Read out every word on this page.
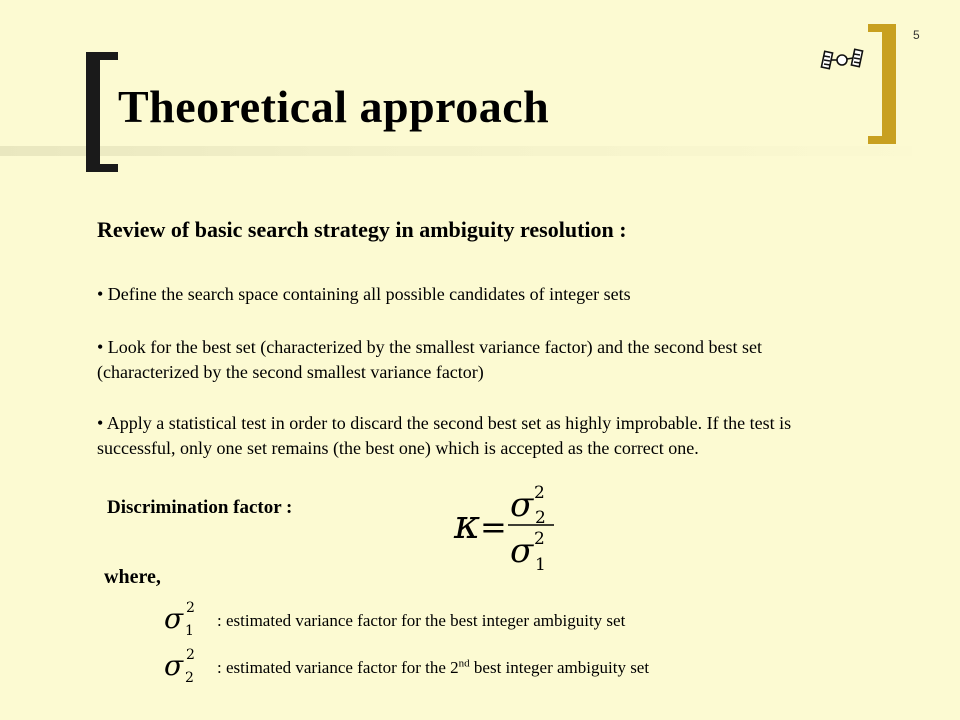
5
Theoretical approach

Review of basic search strategy in ambiguity resolution :

• Define the search space containing all possible candidates of integer sets

• Look for the best set (characterized by the smallest variance factor) and the second best set (characterized by the second smallest variance factor)

• Apply a statistical test in order to discard the second best set as highly improbable. If the test is successful, only one set remains (the best one) which is accepted as the correct one.

Discrimination factor :	κ =
σ 2
2
σ 1
2

where,

σ 1
2

: estimated variance factor for the best integer ambiguity set

σ 2
2

: estimated variance factor for the 2nd best integer ambiguity set
